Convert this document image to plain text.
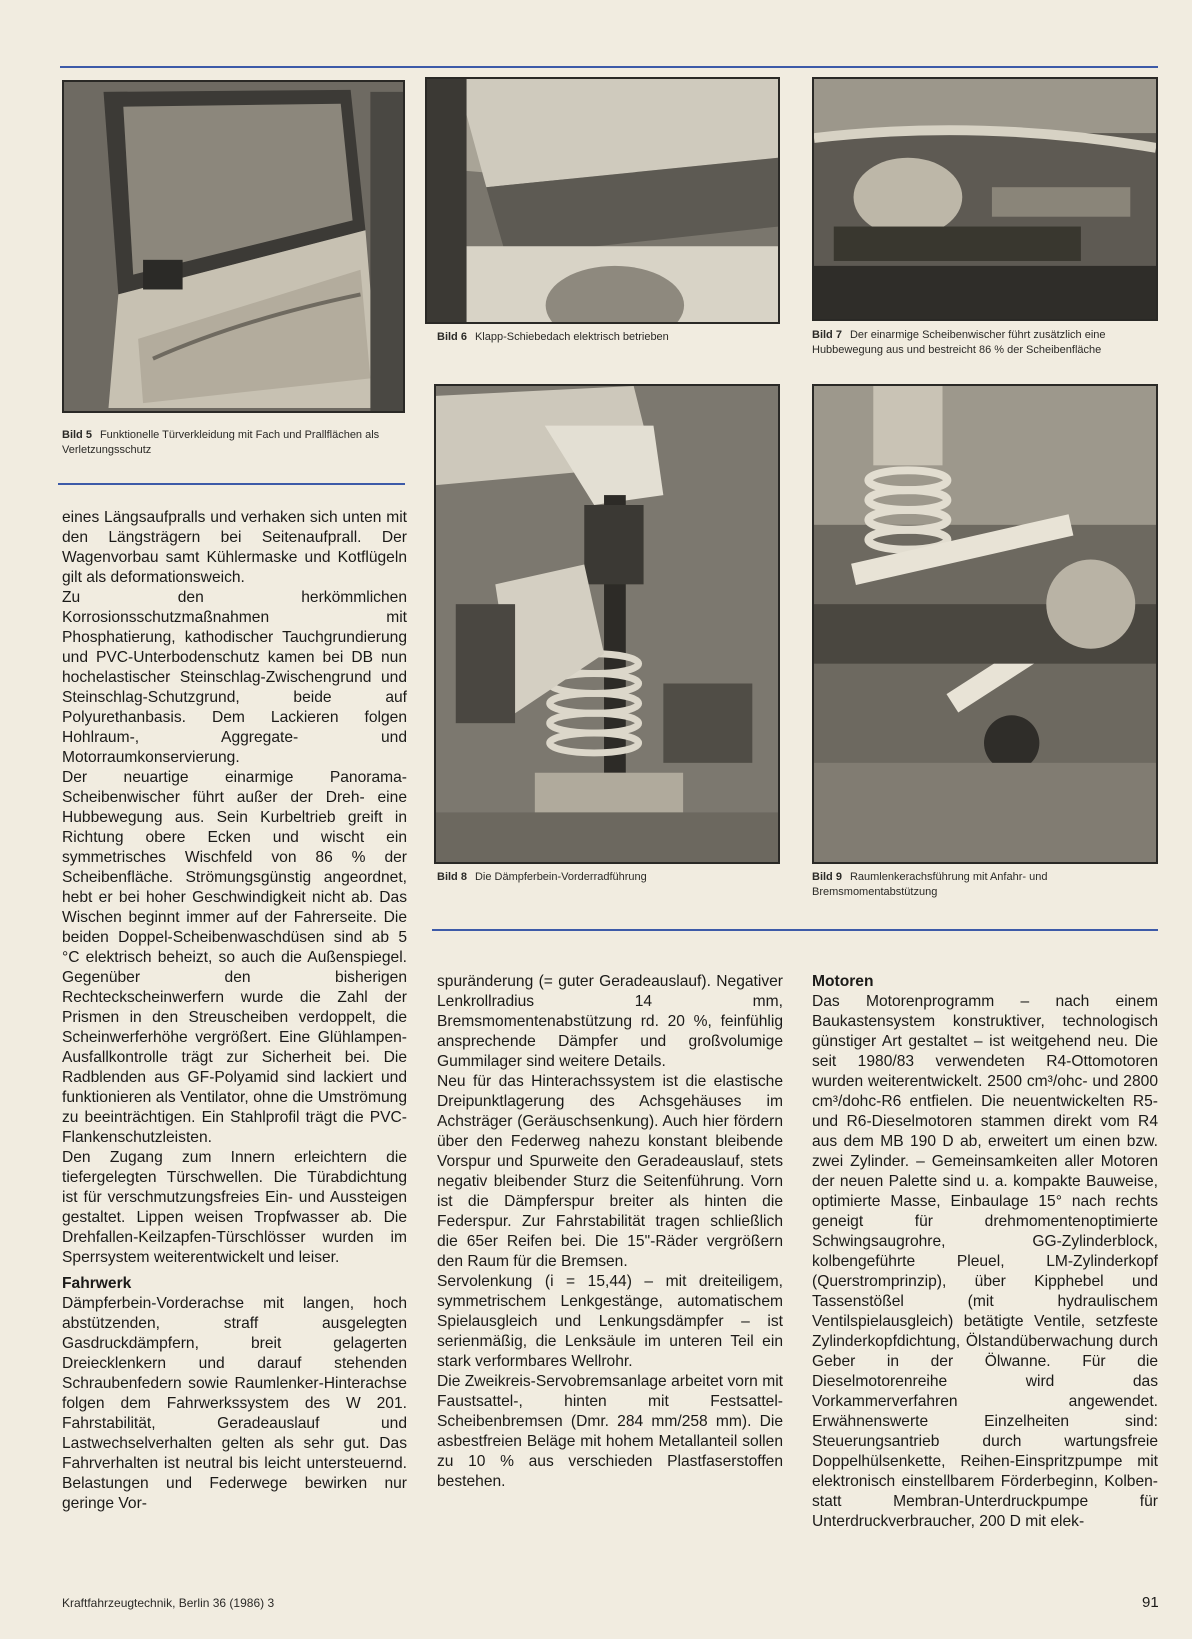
Bild 5 Funktionelle Türverkleidung mit Fach und Prallflächen als Verletzungsschutz
Bild 6 Klapp-Schiebedach elektrisch betrieben	Bild 7 Der einarmige Scheibenwischer führt zusätzlich eine Hubbewegung aus und bestreicht 86 % der Scheibenfläche
Bild 8 Die Dämpferbein-Vorderradführung	Bild 9 Raumlenkerachsführung mit Anfahr- und Bremsmomentabstützung

eines Längsaufpralls und verhaken sich unten mit den Längsträgern bei Seitenaufprall. Der Wagenvorbau samt Kühlermaske und Kotflügeln gilt als deformationsweich.

Zu den herkömmlichen Korrosionsschutzmaßnahmen mit Phosphatierung, kathodischer Tauchgrundierung und PVC-Unterbodenschutz kamen bei DB nun hochelastischer Steinschlag-Zwischengrund und Steinschlag-Schutzgrund, beide auf Polyurethanbasis. Dem Lackieren folgen Hohlraum-, Aggregate- und Motorraumkonservierung.

Der neuartige einarmige Panorama-Scheibenwischer führt außer der Dreh- eine Hubbewegung aus. Sein Kurbeltrieb greift in Richtung obere Ecken und wischt ein symmetrisches Wischfeld von 86 % der Scheibenfläche. Strömungsgünstig angeordnet, hebt er bei hoher Geschwindigkeit nicht ab. Das Wischen beginnt immer auf der Fahrerseite. Die beiden Doppel-Scheibenwaschdüsen sind ab 5 °C elektrisch beheizt, so auch die Außenspiegel. Gegenüber den bisherigen Rechteckscheinwerfern wurde die Zahl der Prismen in den Streuscheiben verdoppelt, die Scheinwerferhöhe vergrößert. Eine Glühlampen-Ausfallkontrolle trägt zur Sicherheit bei. Die Radblenden aus GF-Polyamid sind lackiert und funktionieren als Ventilator, ohne die Umströmung zu beeinträchtigen. Ein Stahlprofil trägt die PVC-Flankenschutzleisten.

Den Zugang zum Innern erleichtern die tiefergelegten Türschwellen. Die Türabdichtung ist für verschmutzungsfreies Ein- und Aussteigen gestaltet. Lippen weisen Tropfwasser ab. Die Drehfallen-Keilzapfen-Türschlösser wurden im Sperrsystem weiterentwickelt und leiser.

Fahrwerk

Dämpferbein-Vorderachse mit langen, hoch abstützenden, straff ausgelegten Gasdruckdämpfern, breit gelagerten Dreiecklenkern und darauf stehenden Schraubenfedern sowie Raumlenker-Hinterachse folgen dem Fahrwerkssystem des W 201. Fahrstabilität, Geradeauslauf und Lastwechselverhalten gelten als sehr gut. Das Fahrverhalten ist neutral bis leicht untersteuernd. Belastungen und Federwege bewirken nur geringe Vor-

spuränderung (= guter Geradeauslauf). Negativer Lenkrollradius 14 mm, Bremsmomentenabstützung rd. 20 %, feinfühlig ansprechende Dämpfer und großvolumige Gummilager sind weitere Details.

Neu für das Hinterachssystem ist die elastische Dreipunktlagerung des Achsgehäuses im Achsträger (Geräuschsenkung). Auch hier fördern über den Federweg nahezu konstant bleibende Vorspur und Spurweite den Geradeauslauf, stets negativ bleibender Sturz die Seitenführung. Vorn ist die Dämpferspur breiter als hinten die Federspur. Zur Fahrstabilität tragen schließlich die 65er Reifen bei. Die 15"-Räder vergrößern den Raum für die Bremsen.

Servolenkung (i = 15,44) – mit dreiteiligem, symmetrischem Lenkgestänge, automatischem Spielausgleich und Lenkungsdämpfer – ist serienmäßig, die Lenksäule im unteren Teil ein stark verformbares Wellrohr.

Die Zweikreis-Servobremsanlage arbeitet vorn mit Faustsattel-, hinten mit Festsattel-Scheibenbremsen (Dmr. 284 mm/258 mm). Die asbestfreien Beläge mit hohem Metallanteil sollen zu 10 % aus verschieden Plastfaserstoffen bestehen.

Motoren

Das Motorenprogramm – nach einem Baukastensystem konstruktiver, technologisch günstiger Art gestaltet – ist weitgehend neu. Die seit 1980/83 verwendeten R4-Ottomotoren wurden weiterentwickelt. 2500 cm³/ohc- und 2800 cm³/dohc-R6 entfielen. Die neuentwickelten R5- und R6-Dieselmotoren stammen direkt vom R4 aus dem MB 190 D ab, erweitert um einen bzw. zwei Zylinder. – Gemeinsamkeiten aller Motoren der neuen Palette sind u. a. kompakte Bauweise, optimierte Masse, Einbaulage 15° nach rechts geneigt für drehmomentenoptimierte Schwingsaugrohre, GG-Zylinderblock, kolbengeführte Pleuel, LM-Zylinderkopf (Querstromprinzip), über Kipphebel und Tassenstößel (mit hydraulischem Ventilspielausgleich) betätigte Ventile, setzfeste Zylinderkopfdichtung, Ölstandüberwachung durch Geber in der Ölwanne. Für die Dieselmotorenreihe wird das Vorkammerverfahren angewendet. Erwähnenswerte Einzelheiten sind: Steuerungsantrieb durch wartungsfreie Doppelhülsenkette, Reihen-Einspritzpumpe mit elektronisch einstellbarem Förderbeginn, Kolben- statt Membran-Unterdruckpumpe für Unterdruckverbraucher, 200 D mit elek-

Kraftfahrzeugtechnik, Berlin 36 (1986) 3	91
